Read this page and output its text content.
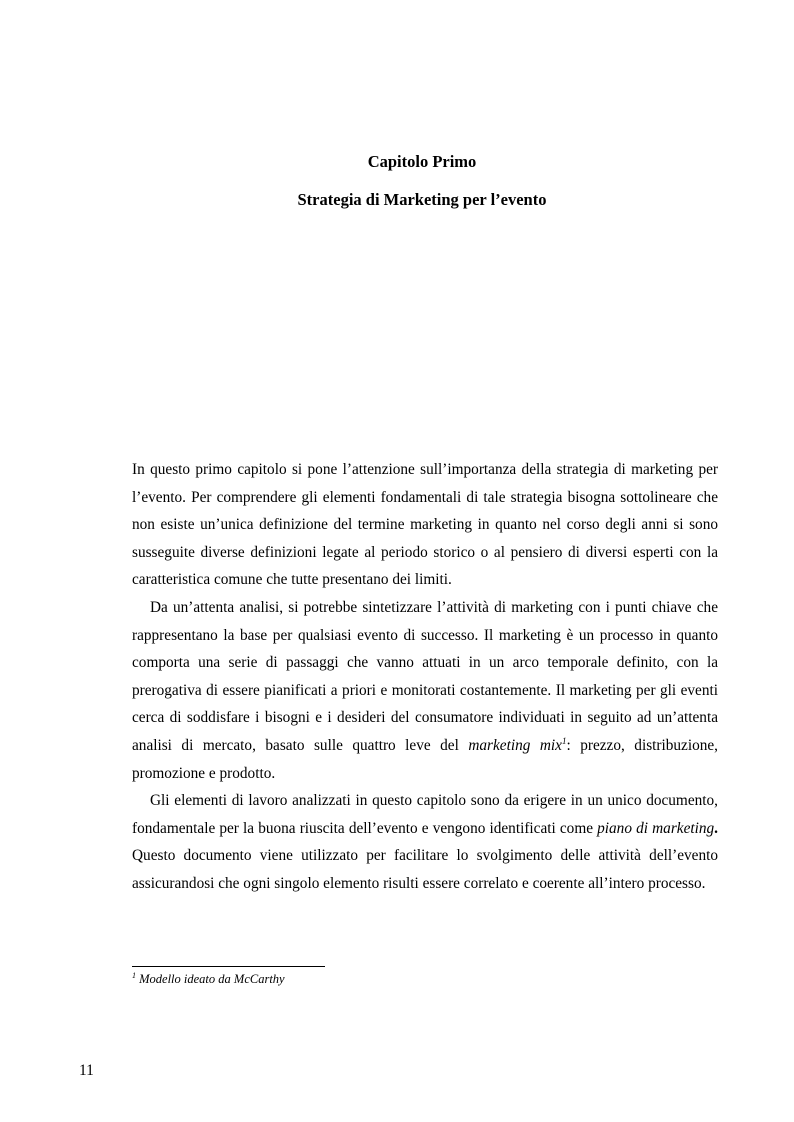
Capitolo Primo
Strategia di Marketing per l’evento

In questo primo capitolo si pone l’attenzione sull’importanza della strategia di marketing per l’evento. Per comprendere gli elementi fondamentali di tale strategia bisogna sottolineare che non esiste un’unica definizione del termine marketing in quanto nel corso degli anni si sono susseguite diverse definizioni legate al periodo storico o al pensiero di diversi esperti con la caratteristica comune che tutte presentano dei limiti.

Da un’attenta analisi, si potrebbe sintetizzare l’attività di marketing con i punti chiave che rappresentano la base per qualsiasi evento di successo. Il marketing è un processo in quanto comporta una serie di passaggi che vanno attuati in un arco temporale definito, con la prerogativa di essere pianificati a priori e monitorati costantemente. Il marketing per gli eventi cerca di soddisfare i bisogni e i desideri del consumatore individuati in seguito ad un’attenta analisi di mercato, basato sulle quattro leve del marketing mix$^1$: prezzo, distribuzione, promozione e prodotto.

Gli elementi di lavoro analizzati in questo capitolo sono da erigere in un unico documento, fondamentale per la buona riuscita dell’evento e vengono identificati come piano di marketing. Questo documento viene utilizzato per facilitare lo svolgimento delle attività dell’evento assicurandosi che ogni singolo elemento risulti essere correlato e coerente all’intero processo.

$^1$ Modello ideato da McCarthy
11
